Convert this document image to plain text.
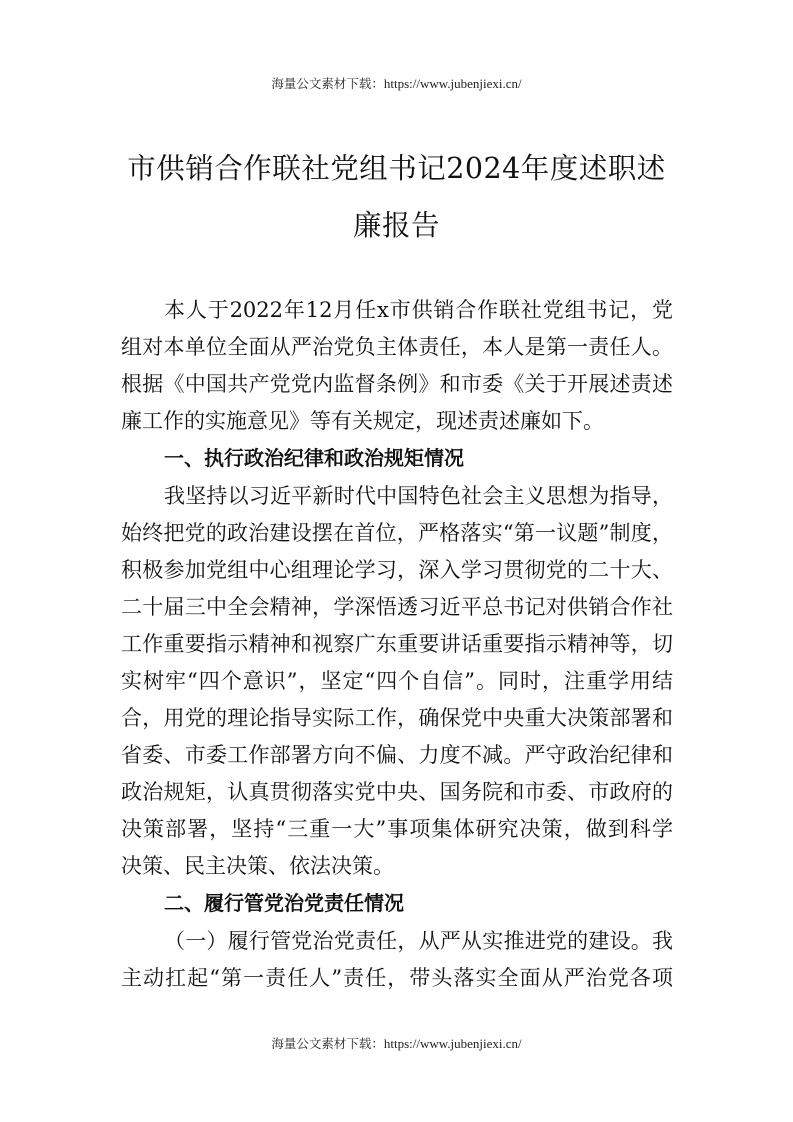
海量公文素材下载：https://www.jubenjiexi.cn/
市供销合作联社党组书记2024年度述职述
廉报告
本人于2022年12月任x市供销合作联社党组书记，党
组对本单位全面从严治党负主体责任，本人是第一责任人。
根据《中国共产党党内监督条例》和市委《关于开展述责述
廉工作的实施意见》等有关规定，现述责述廉如下。
一、执行政治纪律和政治规矩情况
我坚持以习近平新时代中国特色社会主义思想为指导，
始终把党的政治建设摆在首位，严格落实“第一议题”制度，
积极参加党组中心组理论学习，深入学习贯彻党的二十大、
二十届三中全会精神，学深悟透习近平总书记对供销合作社
工作重要指示精神和视察广东重要讲话重要指示精神等，切
实树牢“四个意识”，坚定“四个自信”。同时，注重学用结
合，用党的理论指导实际工作，确保党中央重大决策部署和
省委、市委工作部署方向不偏、力度不减。严守政治纪律和
政治规矩，认真贯彻落实党中央、国务院和市委、市政府的
决策部署，坚持“三重一大”事项集体研究决策，做到科学
决策、民主决策、依法决策。
二、履行管党治党责任情况
（一）履行管党治党责任，从严从实推进党的建设。我
主动扛起“第一责任人”责任，带头落实全面从严治党各项
海量公文素材下载：https://www.jubenjiexi.cn/
